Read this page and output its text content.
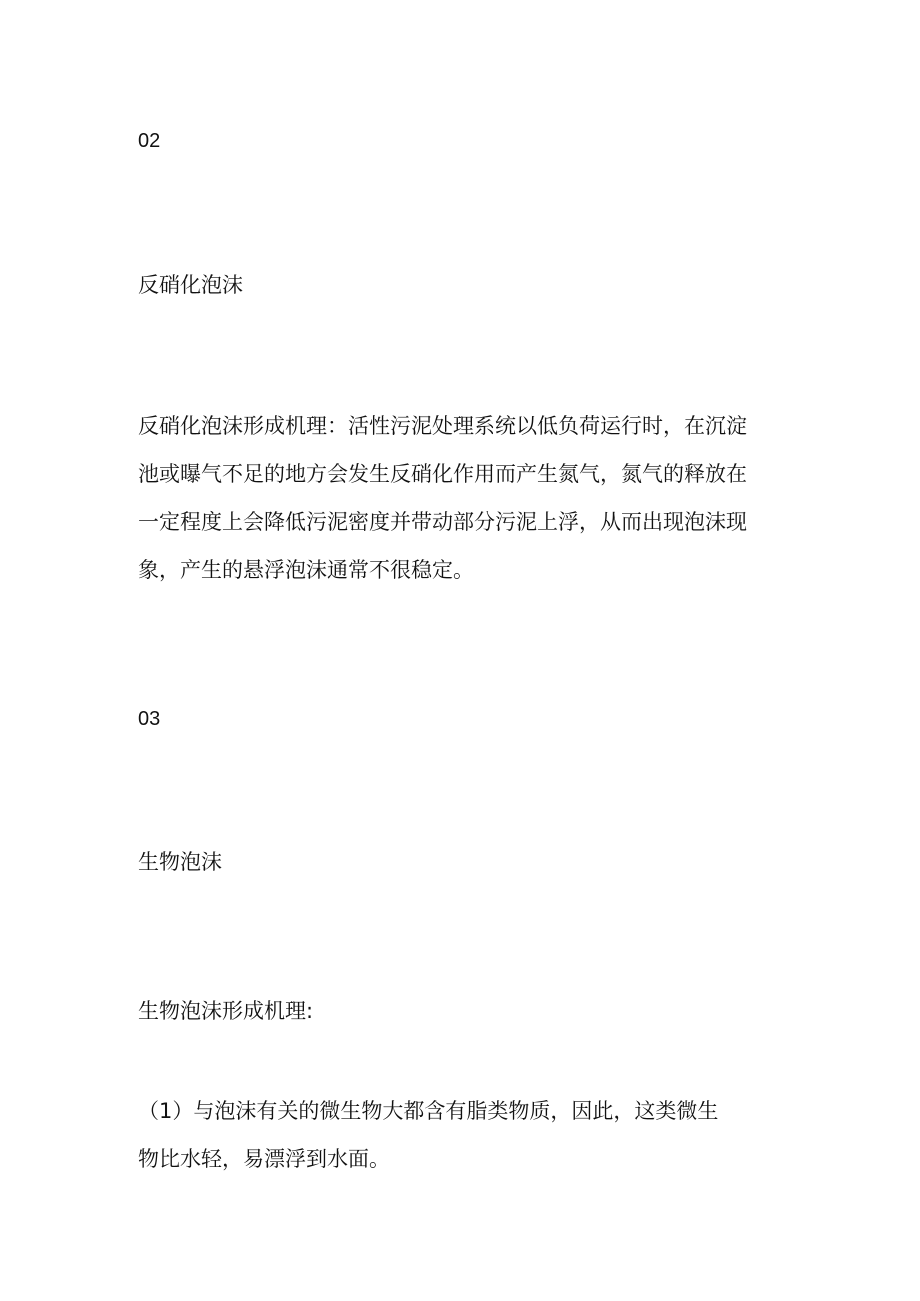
02

反硝化泡沫

反硝化泡沫形成机理：活性污泥处理系统以低负荷运行时，在沉淀
池或曝气不足的地方会发生反硝化作用而产生氮气，氮气的释放在
一定程度上会降低污泥密度并带动部分污泥上浮，从而出现泡沫现
象，产生的悬浮泡沫通常不很稳定。

03

生物泡沫

生物泡沫形成机理:

（1）与泡沫有关的微生物大都含有脂类物质，因此，这类微生
物比水轻，易漂浮到水面。
